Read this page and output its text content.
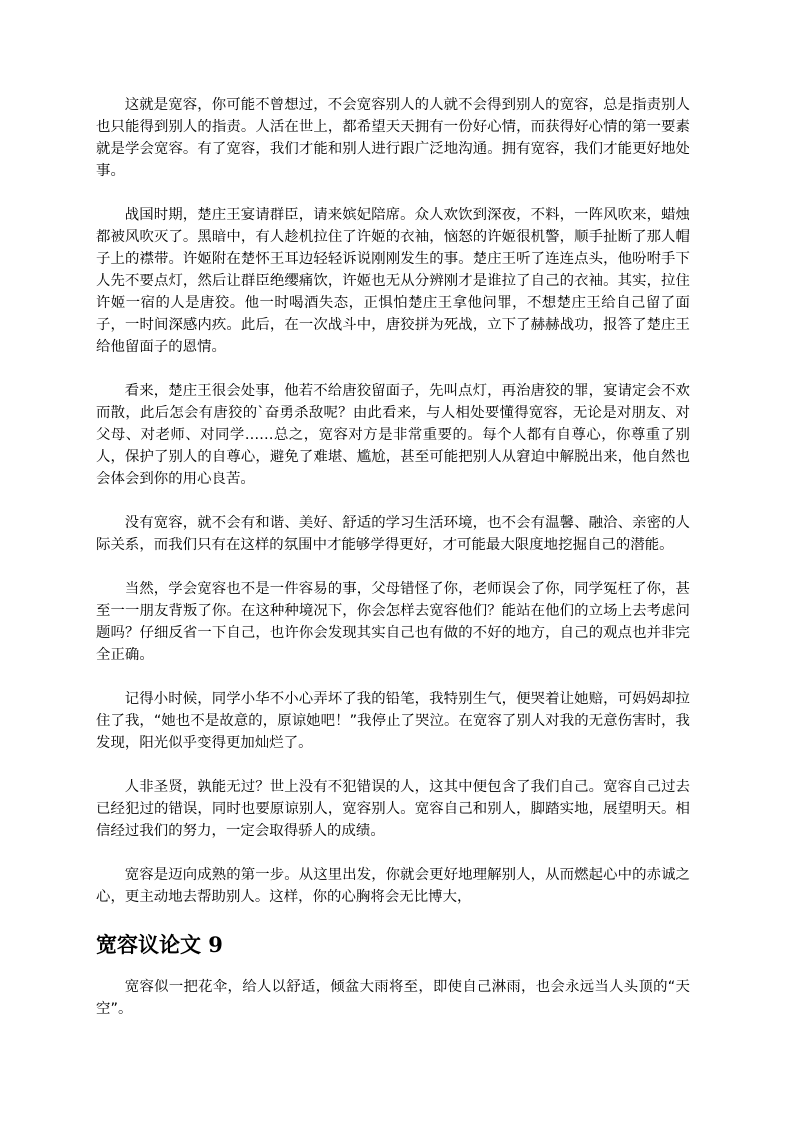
这就是宽容，你可能不曾想过，不会宽容别人的人就不会得到别人的宽容，总是指责别人也只能得到别人的指责。人活在世上，都希望天天拥有一份好心情，而获得好心情的第一要素就是学会宽容。有了宽容，我们才能和别人进行跟广泛地沟通。拥有宽容，我们才能更好地处事。

战国时期，楚庄王宴请群臣，请来嫔妃陪席。众人欢饮到深夜，不料，一阵风吹来，蜡烛都被风吹灭了。黑暗中，有人趁机拉住了许姬的衣袖，恼怒的许姬很机警，顺手扯断了那人帽子上的襟带。许姬附在楚怀王耳边轻轻诉说刚刚发生的事。楚庄王听了连连点头，他吩咐手下人先不要点灯，然后让群臣绝缨痛饮，许姬也无从分辨刚才是谁拉了自己的衣袖。其实，拉住许姬一宿的人是唐狡。他一时喝酒失态，正惧怕楚庄王拿他问罪，不想楚庄王给自己留了面子，一时间深感内疚。此后，在一次战斗中，唐狡拼为死战，立下了赫赫战功，报答了楚庄王给他留面子的恩情。

看来，楚庄王很会处事，他若不给唐狡留面子，先叫点灯，再治唐狡的罪，宴请定会不欢而散，此后怎会有唐狡的`奋勇杀敌呢？由此看来，与人相处要懂得宽容，无论是对朋友、对父母、对老师、对同学……总之，宽容对方是非常重要的。每个人都有自尊心，你尊重了别人，保护了别人的自尊心，避免了难堪、尴尬，甚至可能把别人从窘迫中解脱出来，他自然也会体会到你的用心良苦。

没有宽容，就不会有和谐、美好、舒适的学习生活环境，也不会有温馨、融洽、亲密的人际关系，而我们只有在这样的氛围中才能够学得更好，才可能最大限度地挖掘自己的潜能。

当然，学会宽容也不是一件容易的事，父母错怪了你，老师误会了你，同学冤枉了你，甚至一一朋友背叛了你。在这种种境况下，你会怎样去宽容他们？能站在他们的立场上去考虑问题吗？仔细反省一下自己，也许你会发现其实自己也有做的不好的地方，自己的观点也并非完全正确。

记得小时候，同学小华不小心弄坏了我的铅笔，我特别生气，便哭着让她赔，可妈妈却拉住了我，“她也不是故意的，原谅她吧！”我停止了哭泣。在宽容了别人对我的无意伤害时，我发现，阳光似乎变得更加灿烂了。

人非圣贤，孰能无过？世上没有不犯错误的人，这其中便包含了我们自己。宽容自己过去已经犯过的错误，同时也要原谅别人，宽容别人。宽容自己和别人，脚踏实地，展望明天。相信经过我们的努力，一定会取得骄人的成绩。

宽容是迈向成熟的第一步。从这里出发，你就会更好地理解别人，从而燃起心中的赤诚之心，更主动地去帮助别人。这样，你的心胸将会无比博大，

宽容议论文 9

宽容似一把花伞，给人以舒适，倾盆大雨将至，即使自己淋雨，也会永远当人头顶的“天空”。
